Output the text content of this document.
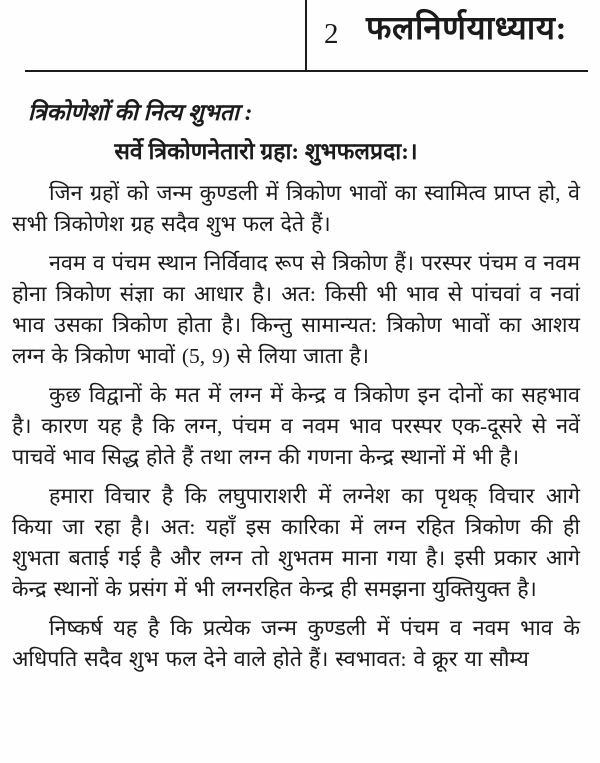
2 फलनिर्णयाध्याय:
त्रिकोणेशों की नित्य शुभता :
सर्वे त्रिकोणनेतारो ग्रहा: शुभफलप्रदा:।

जिन ग्रहों को जन्म कुण्डली में त्रिकोण भावों का स्वामित्व प्राप्त हो, वे सभी त्रिकोणेश ग्रह सदैव शुभ फल देते हैं।

नवम व पंचम स्थान निर्विवाद रूप से त्रिकोण हैं। परस्पर पंचम व नवम होना त्रिकोण संज्ञा का आधार है। अत: किसी भी भाव से पांचवां व नवां भाव उसका त्रिकोण होता है। किन्तु सामान्यत: त्रिकोण भावों का आशय लग्न के त्रिकोण भावों (5, 9) से लिया जाता है।

कुछ विद्वानों के मत में लग्न में केन्द्र व त्रिकोण इन दोनों का सहभाव है। कारण यह है कि लग्न, पंचम व नवम भाव परस्पर एक-दूसरे से नवें पाचवें भाव सिद्ध होते हैं तथा लग्न की गणना केन्द्र स्थानों में भी है।

हमारा विचार है कि लघुपाराशरी में लग्नेश का पृथक् विचार आगे किया जा रहा है। अत: यहाँ इस कारिका में लग्न रहित त्रिकोण की ही शुभता बताई गई है और लग्न तो शुभतम माना गया है। इसी प्रकार आगे केन्द्र स्थानों के प्रसंग में भी लग्नरहित केन्द्र ही समझना युक्तियुक्त है।

निष्कर्ष यह है कि प्रत्येक जन्म कुण्डली में पंचम व नवम भाव के अधिपति सदैव शुभ फल देने वाले होते हैं। स्वभावत: वे क्रूर या सौम्य
